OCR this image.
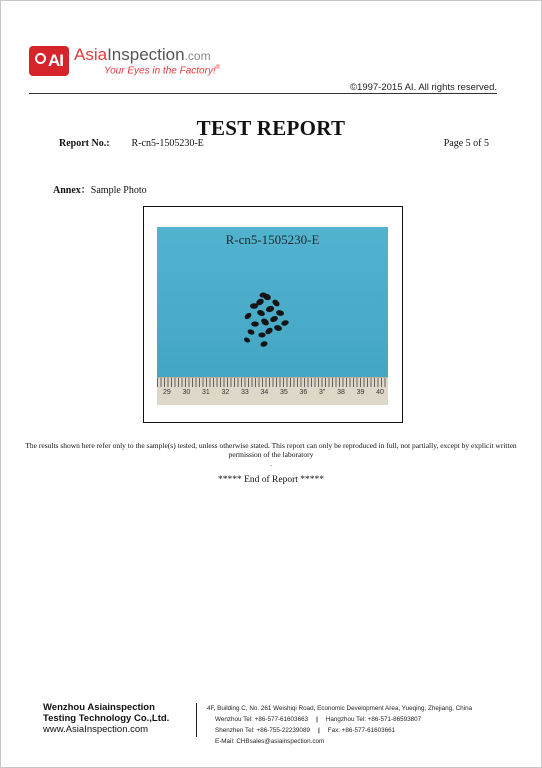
AI AsiaInspection.com
Your Eyes in the Factory!®
©1997-2015 AI. All rights reserved.
TEST REPORT
Report No.: R-cn5-1505230-E	Page 5 of 5
Annex：Sample Photo
R-cn5-1505230-E
29 30 31 32 33 34 35 36 3" 38 39 40
The results shown here refer only to the sample(s) tested, unless otherwise stated. This report can only be reproduced in full, not partially, except by explicit written permission of the laboratory
.
***** End of Report *****
Wenzhou Asiainspection
Testing Technology Co.,Ltd.
www.AsiaInspection.com
4F, Building C, No. 261 Weishiqi Road, Economic Development Area, Yueqing, Zhejiang, China
Wenzhou Tel: +86-577-61603663 | Hangzhou Tel: +86-571-86593807
Shenzhen Tel: +86-755-22239089 | Fax: +86-577-61603661
E-Mail: CHBsales@asiainspection.com
